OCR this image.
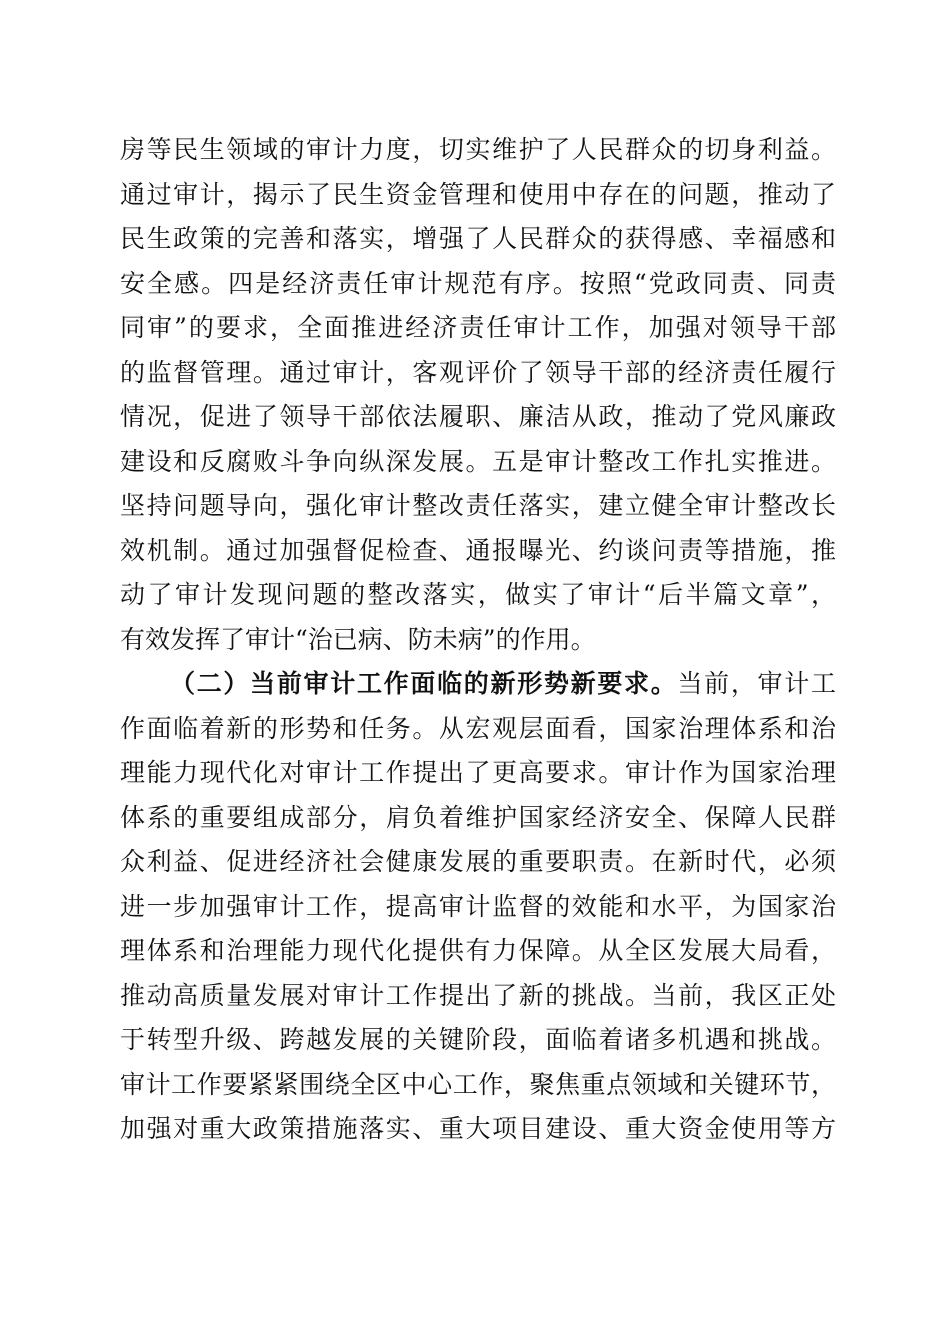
房等民生领域的审计力度，切实维护了人民群众的切身利益。
通过审计，揭示了民生资金管理和使用中存在的问题，推动了
民生政策的完善和落实，增强了人民群众的获得感、幸福感和
安全感。四是经济责任审计规范有序。按照“党政同责、同责
同审”的要求，全面推进经济责任审计工作，加强对领导干部
的监督管理。通过审计，客观评价了领导干部的经济责任履行
情况，促进了领导干部依法履职、廉洁从政，推动了党风廉政
建设和反腐败斗争向纵深发展。五是审计整改工作扎实推进。
坚持问题导向，强化审计整改责任落实，建立健全审计整改长
效机制。通过加强督促检查、通报曝光、约谈问责等措施，推
动了审计发现问题的整改落实，做实了审计“后半篇文章”，
有效发挥了审计“治已病、防未病”的作用。
（二）当前审计工作面临的新形势新要求。当前，审计工
作面临着新的形势和任务。从宏观层面看，国家治理体系和治
理能力现代化对审计工作提出了更高要求。审计作为国家治理
体系的重要组成部分，肩负着维护国家经济安全、保障人民群
众利益、促进经济社会健康发展的重要职责。在新时代，必须
进一步加强审计工作，提高审计监督的效能和水平，为国家治
理体系和治理能力现代化提供有力保障。从全区发展大局看，
推动高质量发展对审计工作提出了新的挑战。当前，我区正处
于转型升级、跨越发展的关键阶段，面临着诸多机遇和挑战。
审计工作要紧紧围绕全区中心工作，聚焦重点领域和关键环节，
加强对重大政策措施落实、重大项目建设、重大资金使用等方
